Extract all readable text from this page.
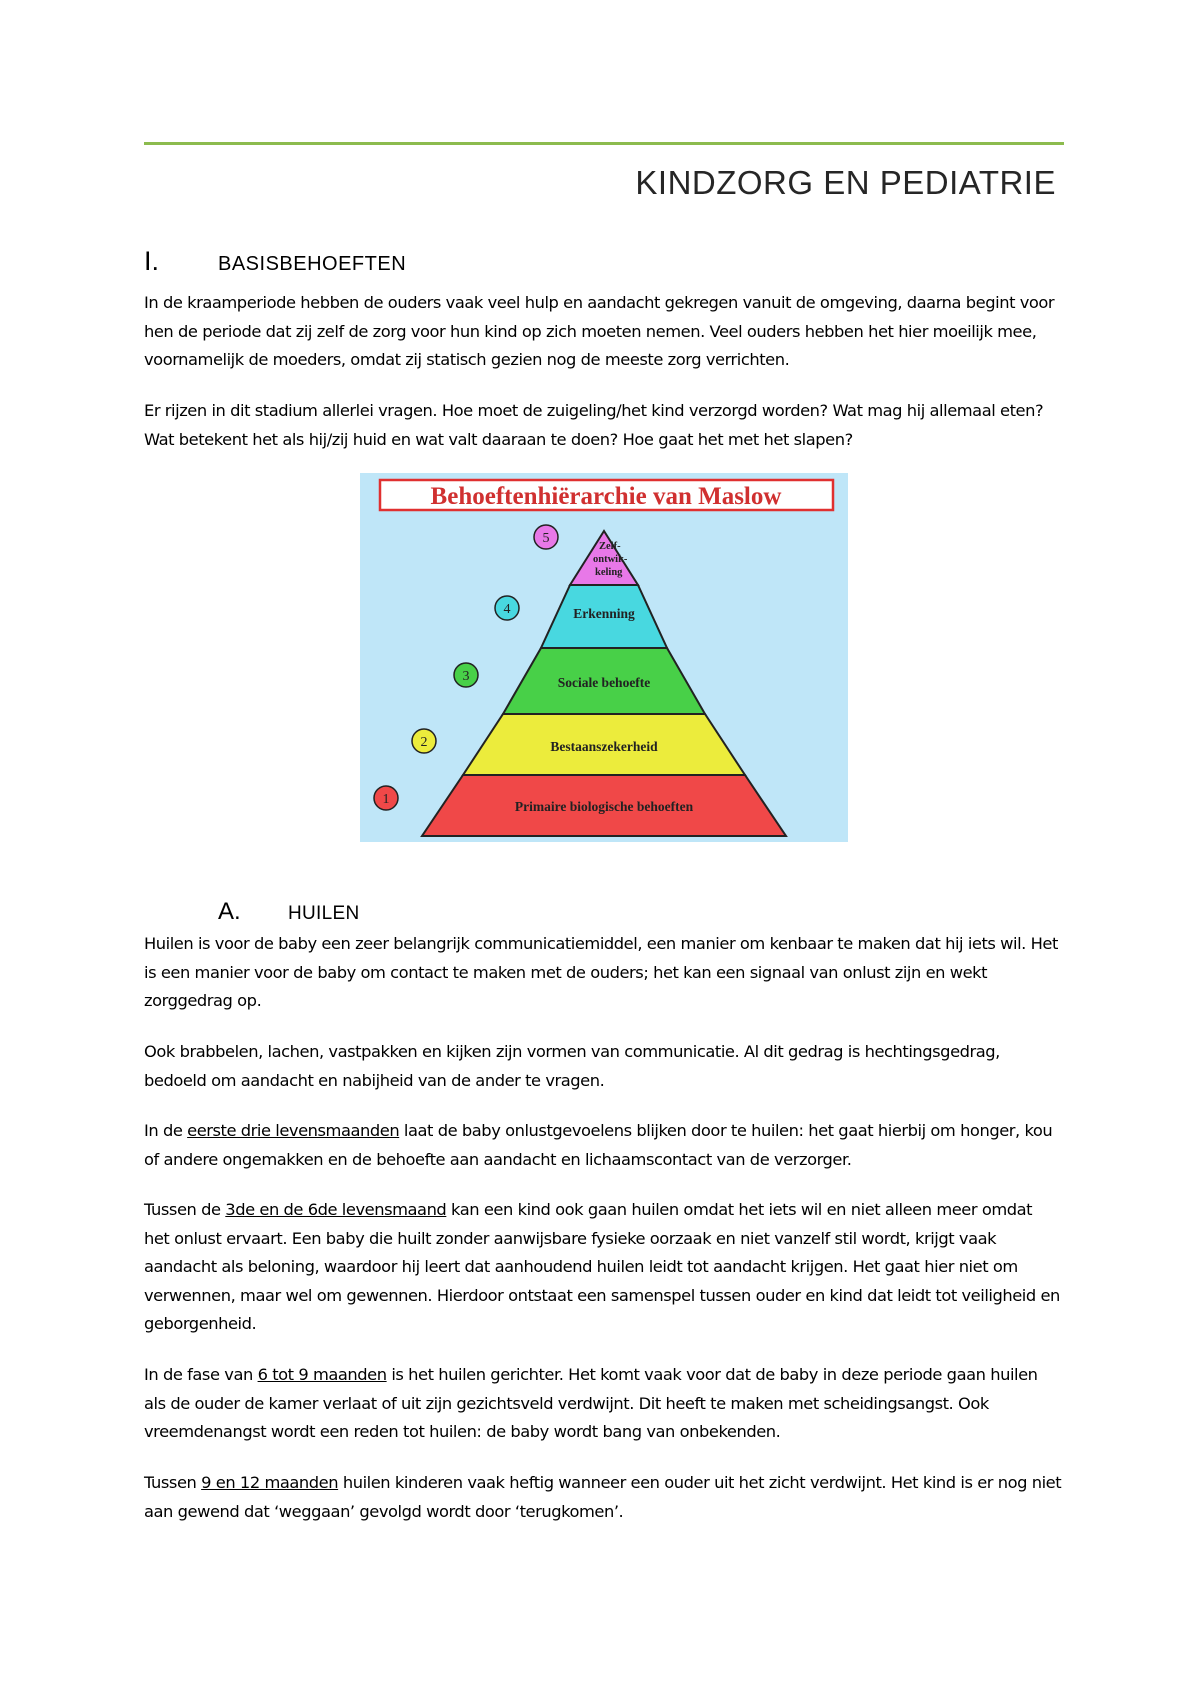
KINDZORG EN PEDIATRIE
I.	BASISBEHOEFTEN

In de kraamperiode hebben de ouders vaak veel hulp en aandacht gekregen vanuit de omgeving, daarna begint voor hen de periode dat zij zelf de zorg voor hun kind op zich moeten nemen. Veel ouders hebben het hier moeilijk mee, voornamelijk de moeders, omdat zij statisch gezien nog de meeste zorg verrichten.

Er rijzen in dit stadium allerlei vragen. Hoe moet de zuigeling/het kind verzorgd worden? Wat mag hij allemaal eten? Wat betekent het als hij/zij huid en wat valt daaraan te doen? Hoe gaat het met het slapen?

Behoeftenhiërarchie van Maslow
Primaire biologische behoeften
Bestaanszekerheid
Sociale behoefte
Erkenning
Zelf-
ontwik-
keling
1
2
3
4
5
A. HUILEN

Huilen is voor de baby een zeer belangrijk communicatiemiddel, een manier om kenbaar te maken dat hij iets wil. Het is een manier voor de baby om contact te maken met de ouders; het kan een signaal van onlust zijn en wekt zorggedrag op.

Ook brabbelen, lachen, vastpakken en kijken zijn vormen van communicatie. Al dit gedrag is hechtingsgedrag, bedoeld om aandacht en nabijheid van de ander te vragen.

In de eerste drie levensmaanden laat de baby onlustgevoelens blijken door te huilen: het gaat hierbij om honger, kou of andere ongemakken en de behoefte aan aandacht en lichaamscontact van de verzorger.

Tussen de 3de en de 6de levensmaand kan een kind ook gaan huilen omdat het iets wil en niet alleen meer omdat het onlust ervaart. Een baby die huilt zonder aanwijsbare fysieke oorzaak en niet vanzelf stil wordt, krijgt vaak aandacht als beloning, waardoor hij leert dat aanhoudend huilen leidt tot aandacht krijgen. Het gaat hier niet om verwennen, maar wel om gewennen. Hierdoor ontstaat een samenspel tussen ouder en kind dat leidt tot veiligheid en geborgenheid.

In de fase van 6 tot 9 maanden is het huilen gerichter. Het komt vaak voor dat de baby in deze periode gaan huilen als de ouder de kamer verlaat of uit zijn gezichtsveld verdwijnt. Dit heeft te maken met scheidingsangst. Ook vreemdenangst wordt een reden tot huilen: de baby wordt bang van onbekenden.

Tussen 9 en 12 maanden huilen kinderen vaak heftig wanneer een ouder uit het zicht verdwijnt. Het kind is er nog niet aan gewend dat ‘weggaan’ gevolgd wordt door ‘terugkomen’.
